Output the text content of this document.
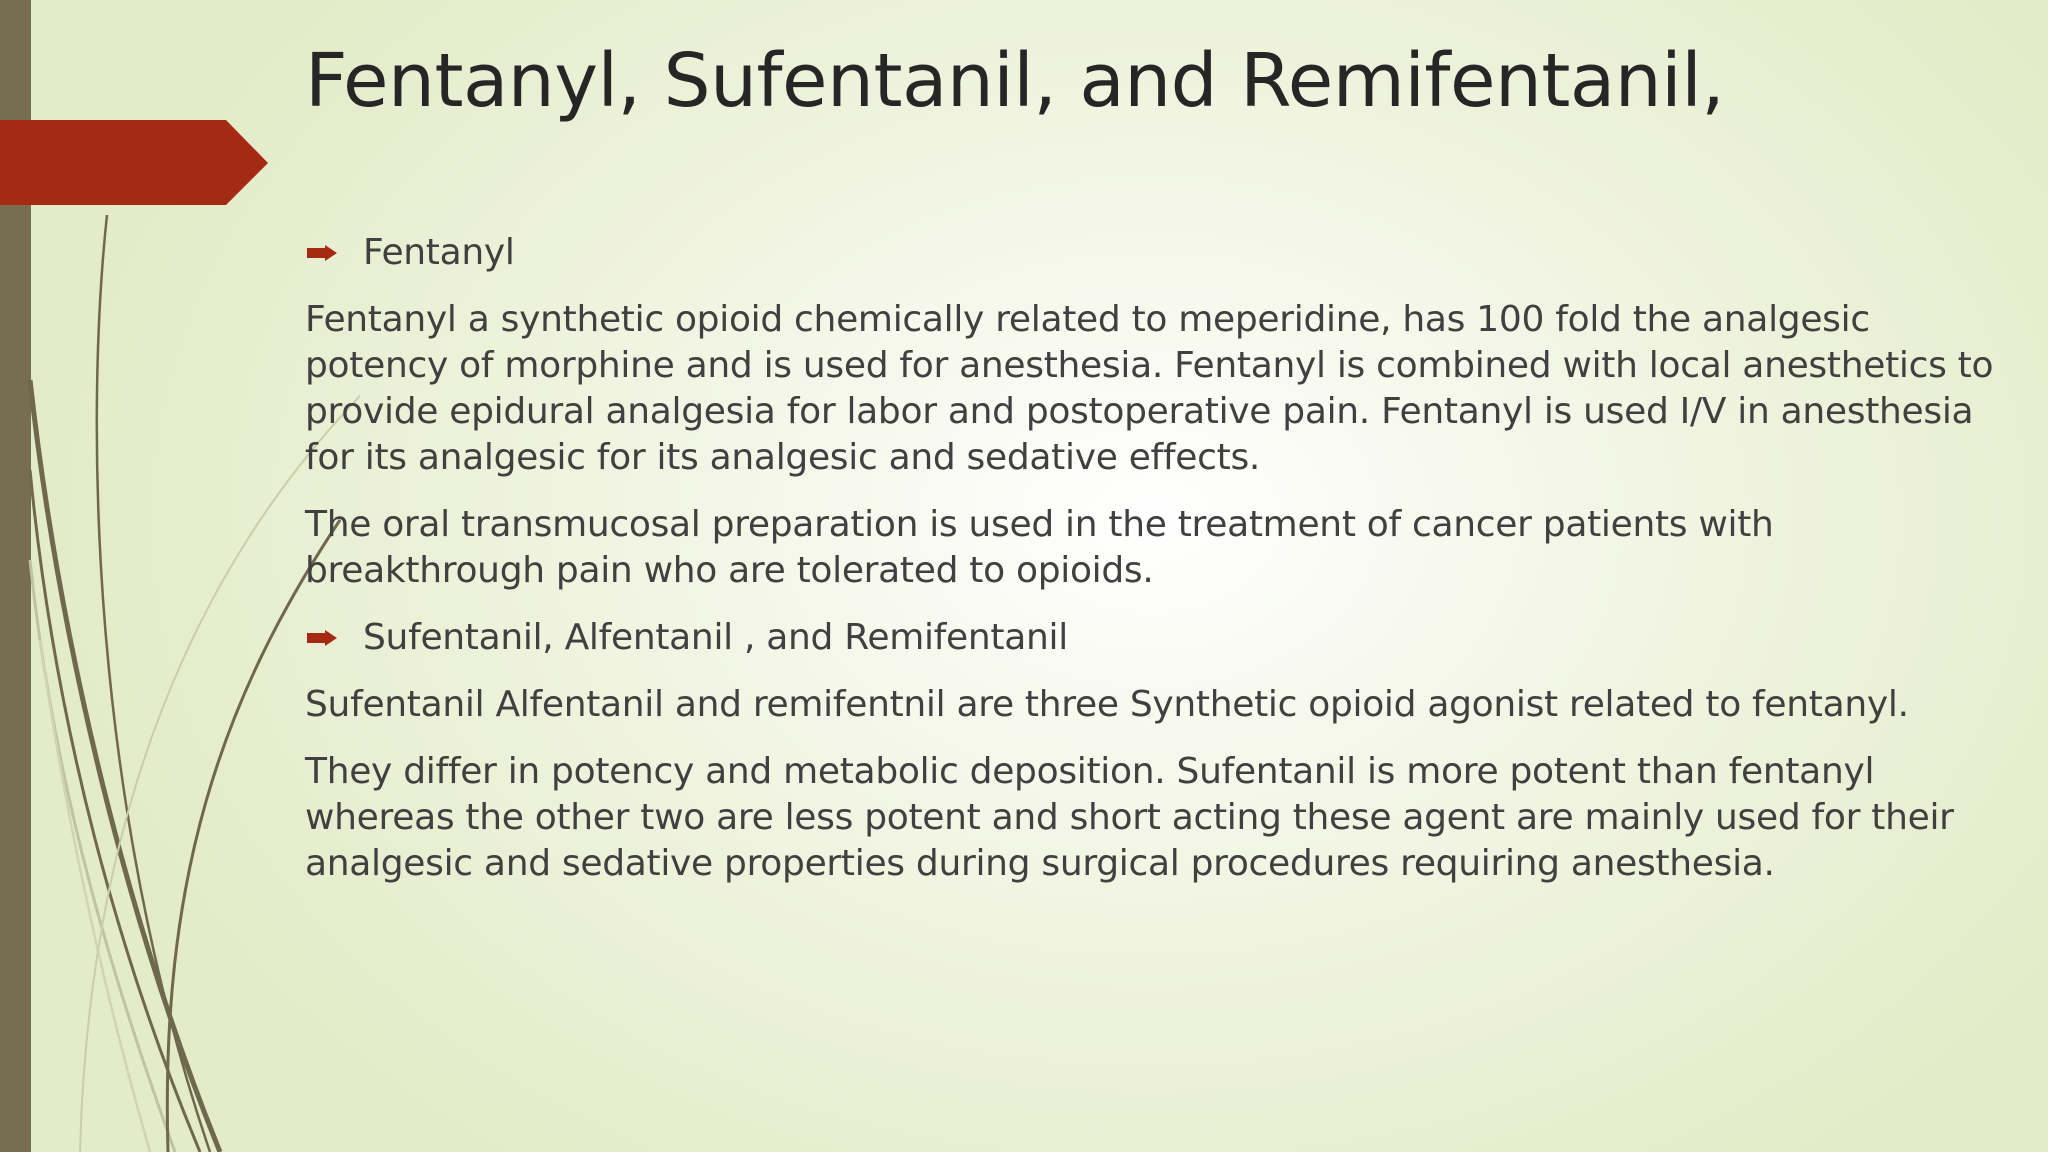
Fentanyl, Sufentanil, and Remifentanil,
Fentanyl

Fentanyl a synthetic opioid chemically related to meperidine, has 100 fold the analgesic potency of morphine and is used for anesthesia. Fentanyl is combined with local anesthetics to provide epidural analgesia for labor and postoperative pain. Fentanyl is used I/V in anesthesia for its analgesic for its analgesic and sedative effects.

The oral transmucosal preparation is used in the treatment of cancer patients with breakthrough pain who are tolerated to opioids.

Sufentanil, Alfentanil , and Remifentanil

Sufentanil Alfentanil and remifentnil are three Synthetic opioid agonist related to fentanyl.

They differ in potency and metabolic deposition. Sufentanil is more potent than fentanyl whereas the other two are less potent and short acting these agent are mainly used for their analgesic and sedative properties during surgical procedures requiring anesthesia.
